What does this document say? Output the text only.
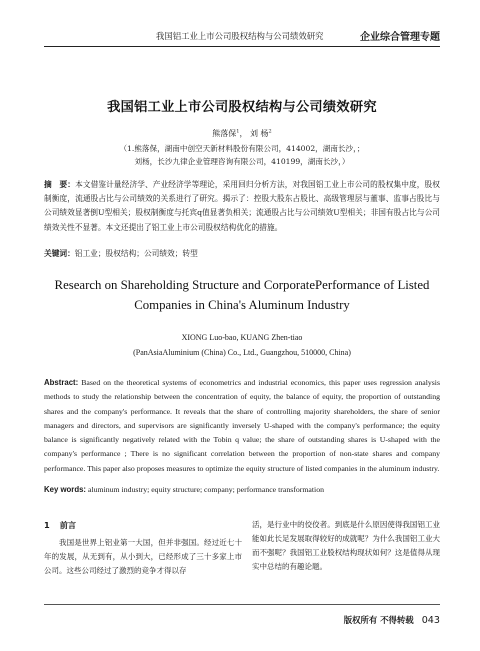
我国铝工业上市公司股权结构与公司绩效研究	企业综合管理专题
我国铝工业上市公司股权结构与公司绩效研究
熊落保$^1$， 刘 杨$^2$
（1.熊落保，湖南中创空天新材料股份有限公司，414002，湖南长沙，；
刘杨，长沙九律企业管理咨询有限公司，410199，湖南长沙，）
摘　要：本文借鉴计量经济学、产业经济学等理论，采用回归分析方法，对我国铝工业上市公司的股权集中度，股权制衡度，流通股占比与公司绩效的关系进行了研究。揭示了：控股大股东占股比、高级管理层与董事、监事占股比与公司绩效显著倒U型相关；股权制衡度与托宾q值显著负相关；流通股占比与公司绩效U型相关；非国有股占比与公司绩效关性不显著。本文还提出了铝工业上市公司股权结构优化的措施。
关键词：铝工业；股权结构；公司绩效；转型
Research on Shareholding Structure and CorporatePerformance of Listed
Companies in China's Aluminum Industry
XIONG Luo-bao, KUANG Zhen-tiao
(PanAsiaAluminium (China) Co., Ltd., Guangzhou, 510000, China)
Abstract: Based on the theoretical systems of econometrics and industrial economics, this paper uses regression analysis methods to study the relationship between the concentration of equity, the balance of equity, the proportion of outstanding shares and the company's performance. It reveals that the share of controlling majority shareholders, the share of senior managers and directors, and supervisors are significantly inversely U-shaped with the company's performance; the equity balance is significantly negatively related with the Tobin q value; the share of outstanding shares is U-shaped with the company's performance ; There is no significant correlation between the proportion of non-state shares and company performance. This paper also proposes measures to optimize the equity structure of listed companies in the aluminum industry.
Key words: aluminum industry; equity structure; company; performance transformation
1 前言
我国是世界上铝业第一大国，但并非强国。经过近七十年的发展，从无到有，从小到大，已经形成了三十多家上市公司。这些公司经过了激烈的竞争才得以存
活，是行业中的佼佼者。到底是什么原因使得我国铝工业能如此长足发展取得较好的成就呢？为什么我国铝工业大而不强呢？我国铝工业股权结构现状如何？这是值得从现实中总结的有趣论题。
版权所有 不得转载 043
